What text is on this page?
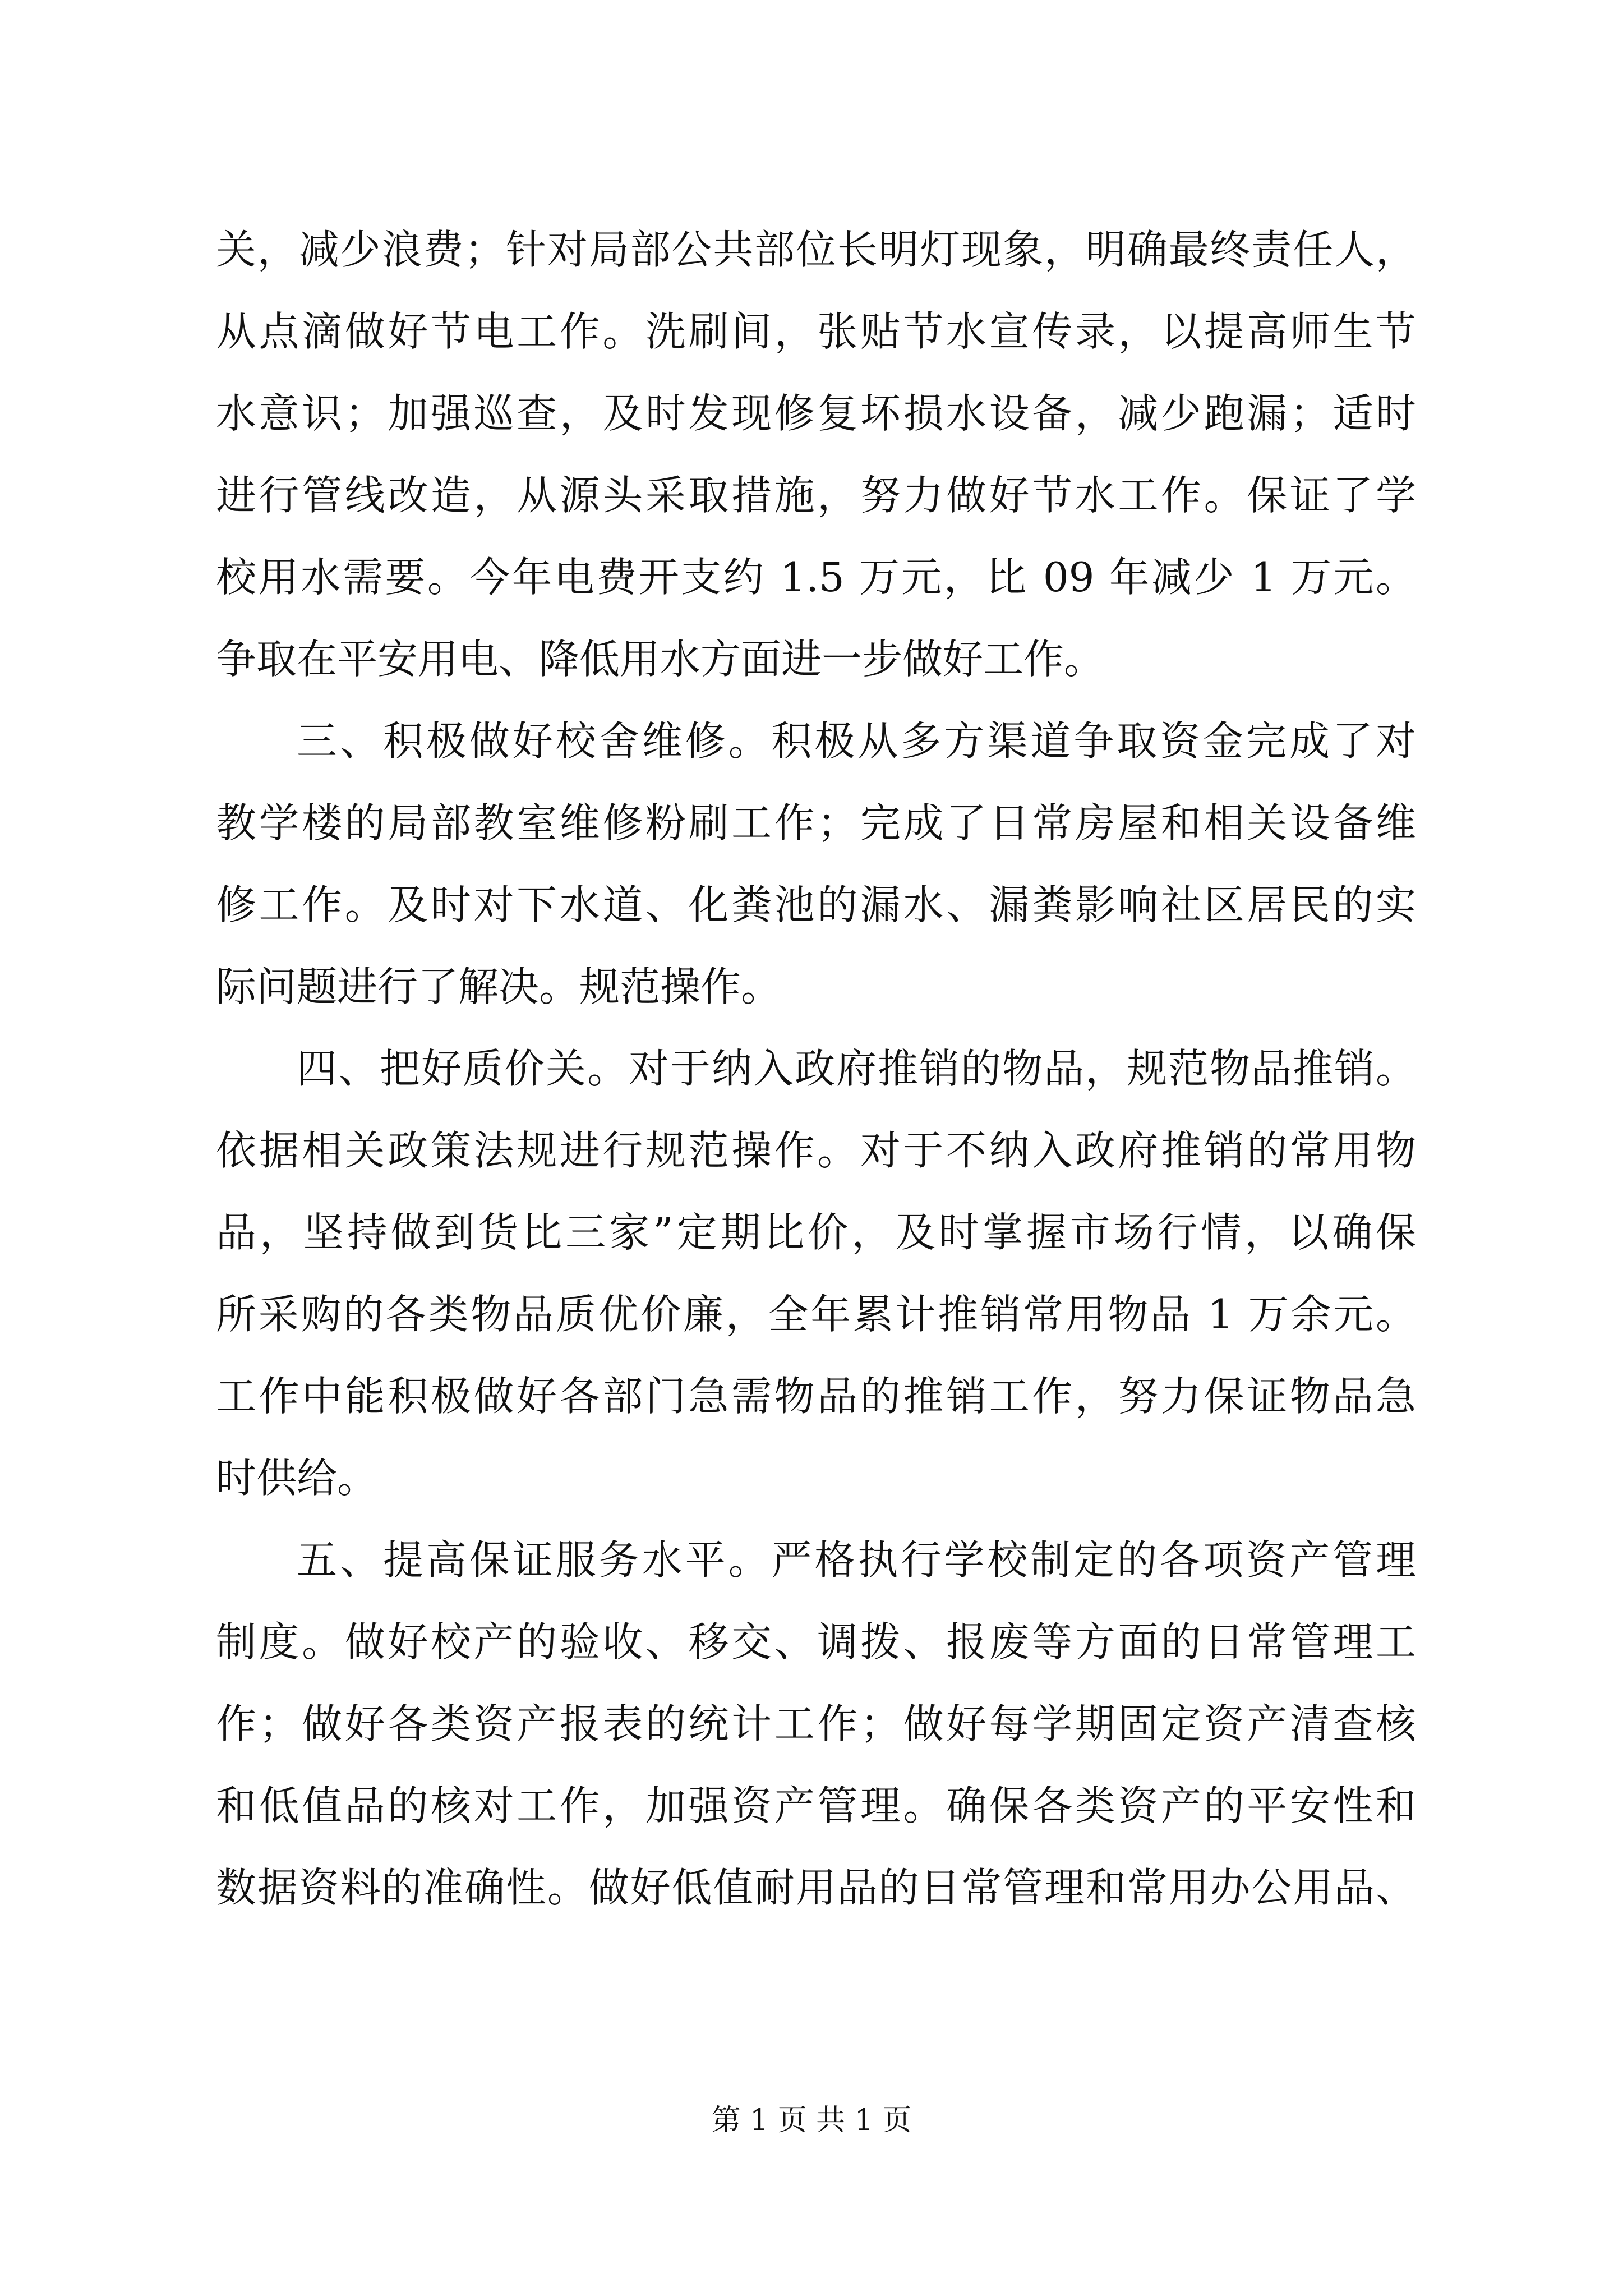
关，减少浪费；针对局部公共部位长明灯现象，明确最终责任人，
从点滴做好节电工作。洗刷间，张贴节水宣传录，以提高师生节
水意识；加强巡查，及时发现修复坏损水设备，减少跑漏；适时
进行管线改造，从源头采取措施，努力做好节水工作。保证了学
校用水需要。今年电费开支约 1.5 万元，比 09 年减少 1 万元。
争取在平安用电、降低用水方面进一步做好工作。
三、积极做好校舍维修。积极从多方渠道争取资金完成了对
教学楼的局部教室维修粉刷工作；完成了日常房屋和相关设备维
修工作。及时对下水道、化粪池的漏水、漏粪影响社区居民的实
际问题进行了解决。规范操作。
四、把好质价关。对于纳入政府推销的物品，规范物品推销。
依据相关政策法规进行规范操作。对于不纳入政府推销的常用物
品，坚持做到货比三家”定期比价，及时掌握市场行情，以确保
所采购的各类物品质优价廉，全年累计推销常用物品 1 万余元。
工作中能积极做好各部门急需物品的推销工作，努力保证物品急
时供给。
五、提高保证服务水平。严格执行学校制定的各项资产管理
制度。做好校产的验收、移交、调拨、报废等方面的日常管理工
作；做好各类资产报表的统计工作；做好每学期固定资产清查核
和低值品的核对工作，加强资产管理。确保各类资产的平安性和
数据资料的准确性。做好低值耐用品的日常管理和常用办公用品、
第 1 页 共 1 页
